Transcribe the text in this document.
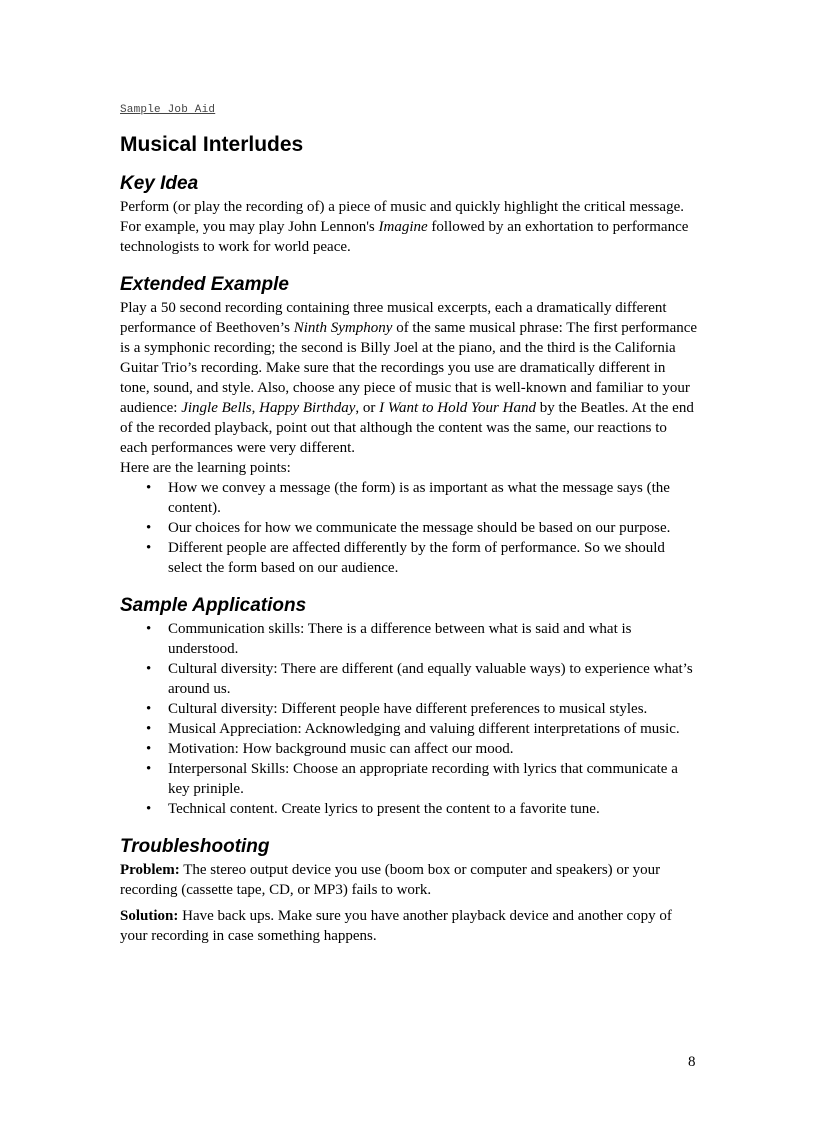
Sample Job Aid
Musical Interludes
Key Idea

Perform (or play the recording of) a piece of music and quickly highlight the critical message. For example, you may play John Lennon's Imagine followed by an exhortation to performance technologists to work for world peace.

Extended Example

Play a 50 second recording containing three musical excerpts, each a dramatically different performance of Beethoven’s Ninth Symphony of the same musical phrase: The first performance is a symphonic recording; the second is Billy Joel at the piano, and the third is the California Guitar Trio’s recording. Make sure that the recordings you use are dramatically different in tone, sound, and style. Also, choose any piece of music that is well-known and familiar to your audience: Jingle Bells, Happy Birthday, or I Want to Hold Your Hand by the Beatles. At the end of the recorded playback, point out that although the content was the same, our reactions to each performances were very different.

Here are the learning points:

• How we convey a message (the form) is as important as what the message says (the content).
• Our choices for how we communicate the message should be based on our purpose.
• Different people are affected differently by the form of performance. So we should select the form based on our audience.
Sample Applications
• Communication skills: There is a difference between what is said and what is understood.
• Cultural diversity: There are different (and equally valuable ways) to experience what’s around us.
• Cultural diversity: Different people have different preferences to musical styles.
• Musical Appreciation: Acknowledging and valuing different interpretations of music.
• Motivation: How background music can affect our mood.
• Interpersonal Skills: Choose an appropriate recording with lyrics that communicate a key priniple.
• Technical content. Create lyrics to present the content to a favorite tune.
Troubleshooting

Problem: The stereo output device you use (boom box or computer and speakers) or your recording (cassette tape, CD, or MP3) fails to work.

Solution: Have back ups. Make sure you have another playback device and another copy of your recording in case something happens.

8
